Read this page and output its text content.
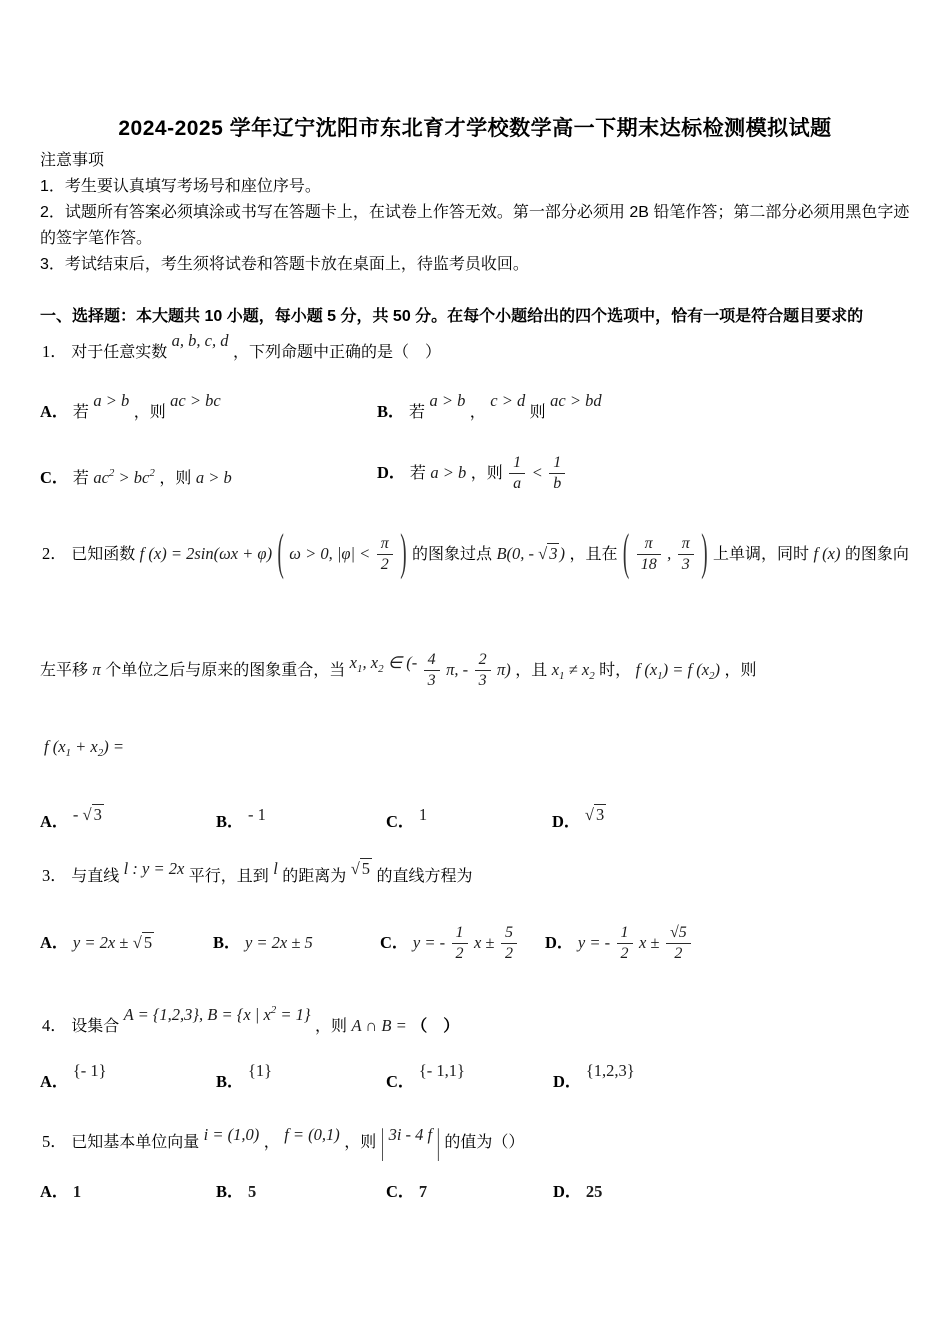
2024-2025 学年辽宁沈阳市东北育才学校数学高一下期末达标检测模拟试题
注意事项
1．考生要认真填写考场号和座位序号。
2．试题所有答案必须填涂或书写在答题卡上，在试卷上作答无效。第一部分必须用 2B 铅笔作答；第二部分必须用黑色字迹的签字笔作答。
3．考试结束后，考生须将试卷和答题卡放在桌面上，待监考员收回。
一、选择题：本大题共 10 小题，每小题 5 分，共 50 分。在每个小题给出的四个选项中，恰有一项是符合题目要求的
1． 对于任意实数 a, b, c, d ，下列命题中正确的是（　）
A． 若 a > b ，则 ac > bc
B． 若 a > b ， c > d 则 ac > bd
C． 若 $ac^2 > bc^2$ ，则 a > b	D． 若 a > b ，则 $\frac{1}{a} < \frac{1}{b}$
2． 已知函数 f (x) = 2sin(ωx + φ) ( ω > 0, $|\varphi| < \frac{\pi}{2}$ ) 的图象过点 B(0, - √ 3 ) ，且在 ( $\frac{\pi}{18}$ , $\frac{\pi}{3}$ ) 上单调，同时 f (x) 的图象向
左平移 π 个单位之后与原来的图象重合，当 $x_1$, $x_2$ ∈ (- $\frac{4}{3} \pi$, - $\frac{2}{3} \pi$) ，且 $x_1 \ne x_2$ 时， f $(x_1) = f$ $(x_2)$ ，则
f $(x_1 + x_2)$ =
A． - √ 3	B． - 1	C． 1	D． √ 3
3． 与直线 l : y = 2x 平行，且到 l 的距离为 √ 5 的直线方程为
A． y = 2x ± √ 5	B． y = 2x ± 5	C． y = - $\frac{1}{2}$ $x \pm \frac{5}{2}$ D． y = - $\frac{1}{2}$ $x \pm \frac{√5}{2}$
4． 设集合 A = {1,2,3}, B = {x | $x^2 = 1$} ，则 A ∩ B = （　）
A． {- 1}
B． {1}
C． {- 1,1}
D． {1,2,3}
5． 已知基本单位向量 i = (1,0) ， f = (0,1) ，则 | 3i - 4 f | 的值为（）
A． 1	B． 5	C． 7	D． 25
